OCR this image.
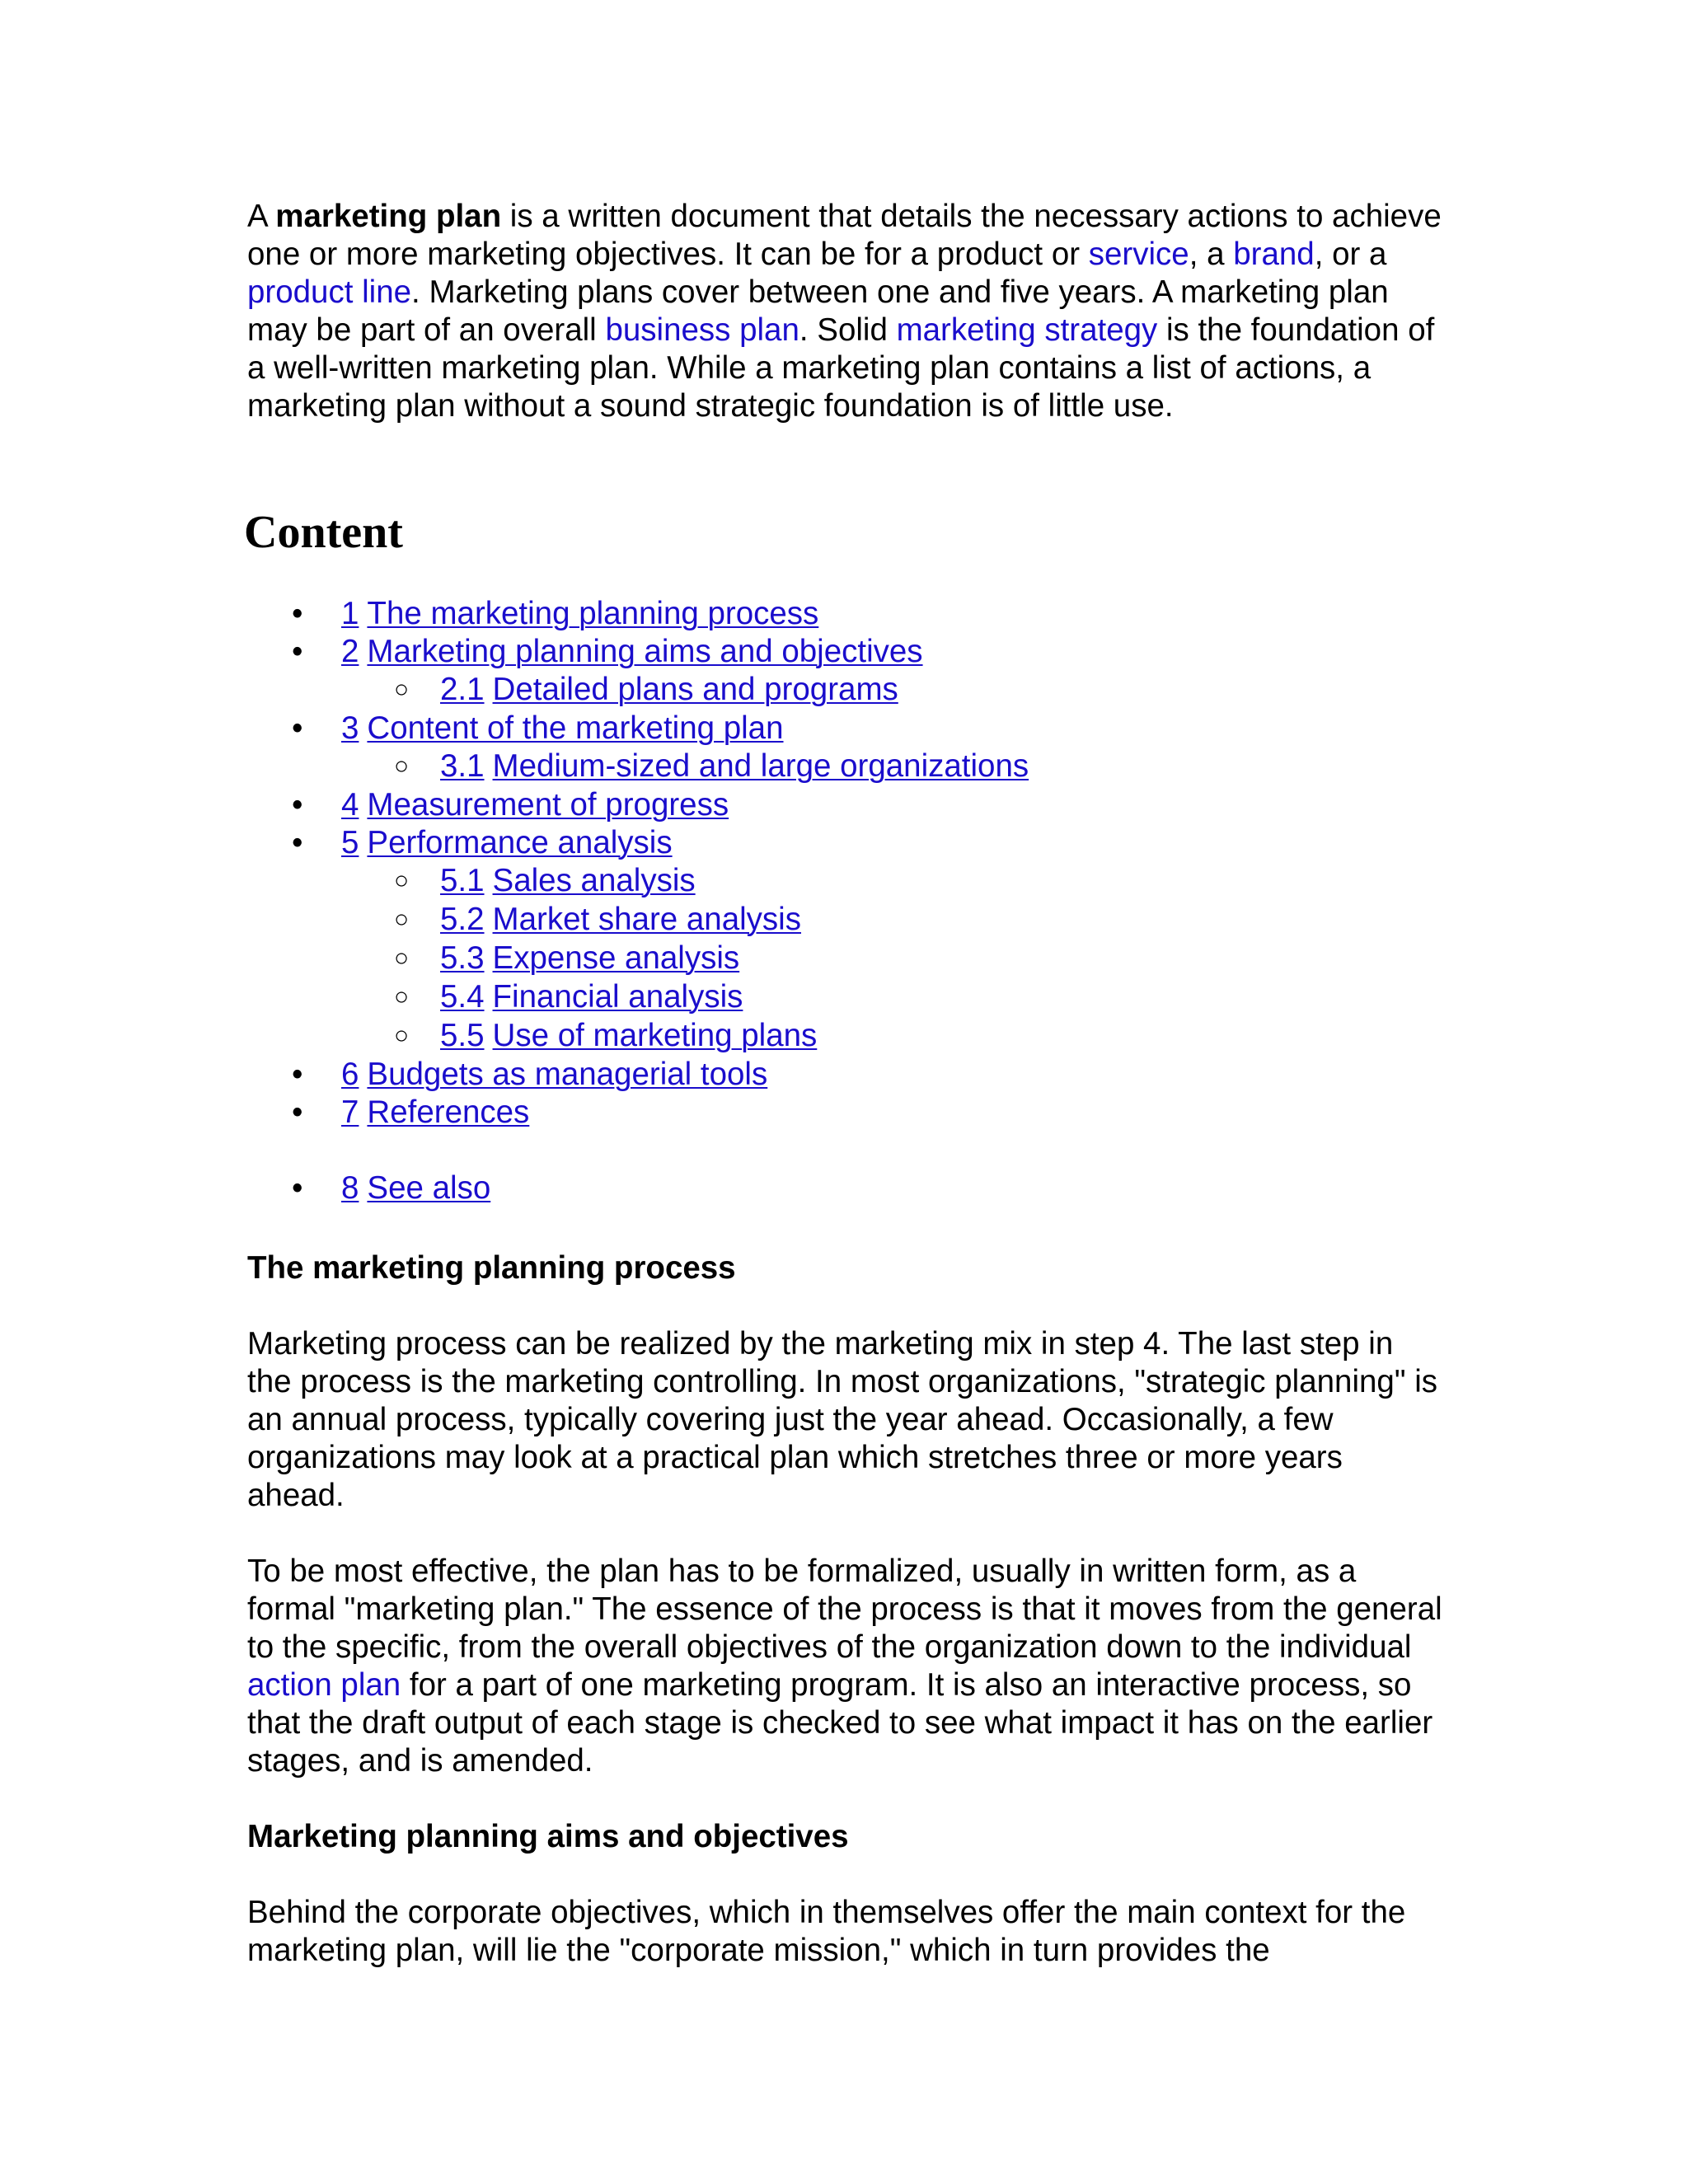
A marketing plan is a written document that details the necessary actions to achieve one or more marketing objectives. It can be for a product or service, a brand, or a product line. Marketing plans cover between one and five years. A marketing plan may be part of an overall business plan. Solid marketing strategy is the foundation of a well-written marketing plan. While a marketing plan contains a list of actions, a marketing plan without a sound strategic foundation is of little use.

Content
• 1 The marketing planning process
• 2 Marketing planning aims and objectives
○ 2.1 Detailed plans and programs
• 3 Content of the marketing plan
○ 3.1 Medium-sized and large organizations
• 4 Measurement of progress
• 5 Performance analysis
○ 5.1 Sales analysis
○ 5.2 Market share analysis
○ 5.3 Expense analysis
○ 5.4 Financial analysis
○ 5.5 Use of marketing plans
• 6 Budgets as managerial tools
• 7 References
• 8 See also
The marketing planning process

Marketing process can be realized by the marketing mix in step 4. The last step in the process is the marketing controlling. In most organizations, "strategic planning" is an annual process, typically covering just the year ahead. Occasionally, a few organizations may look at a practical plan which stretches three or more years ahead.

To be most effective, the plan has to be formalized, usually in written form, as a formal "marketing plan." The essence of the process is that it moves from the general to the specific, from the overall objectives of the organization down to the individual action plan for a part of one marketing program. It is also an interactive process, so that the draft output of each stage is checked to see what impact it has on the earlier stages, and is amended.

Marketing planning aims and objectives

Behind the corporate objectives, which in themselves offer the main context for the marketing plan, will lie the "corporate mission," which in turn provides the
